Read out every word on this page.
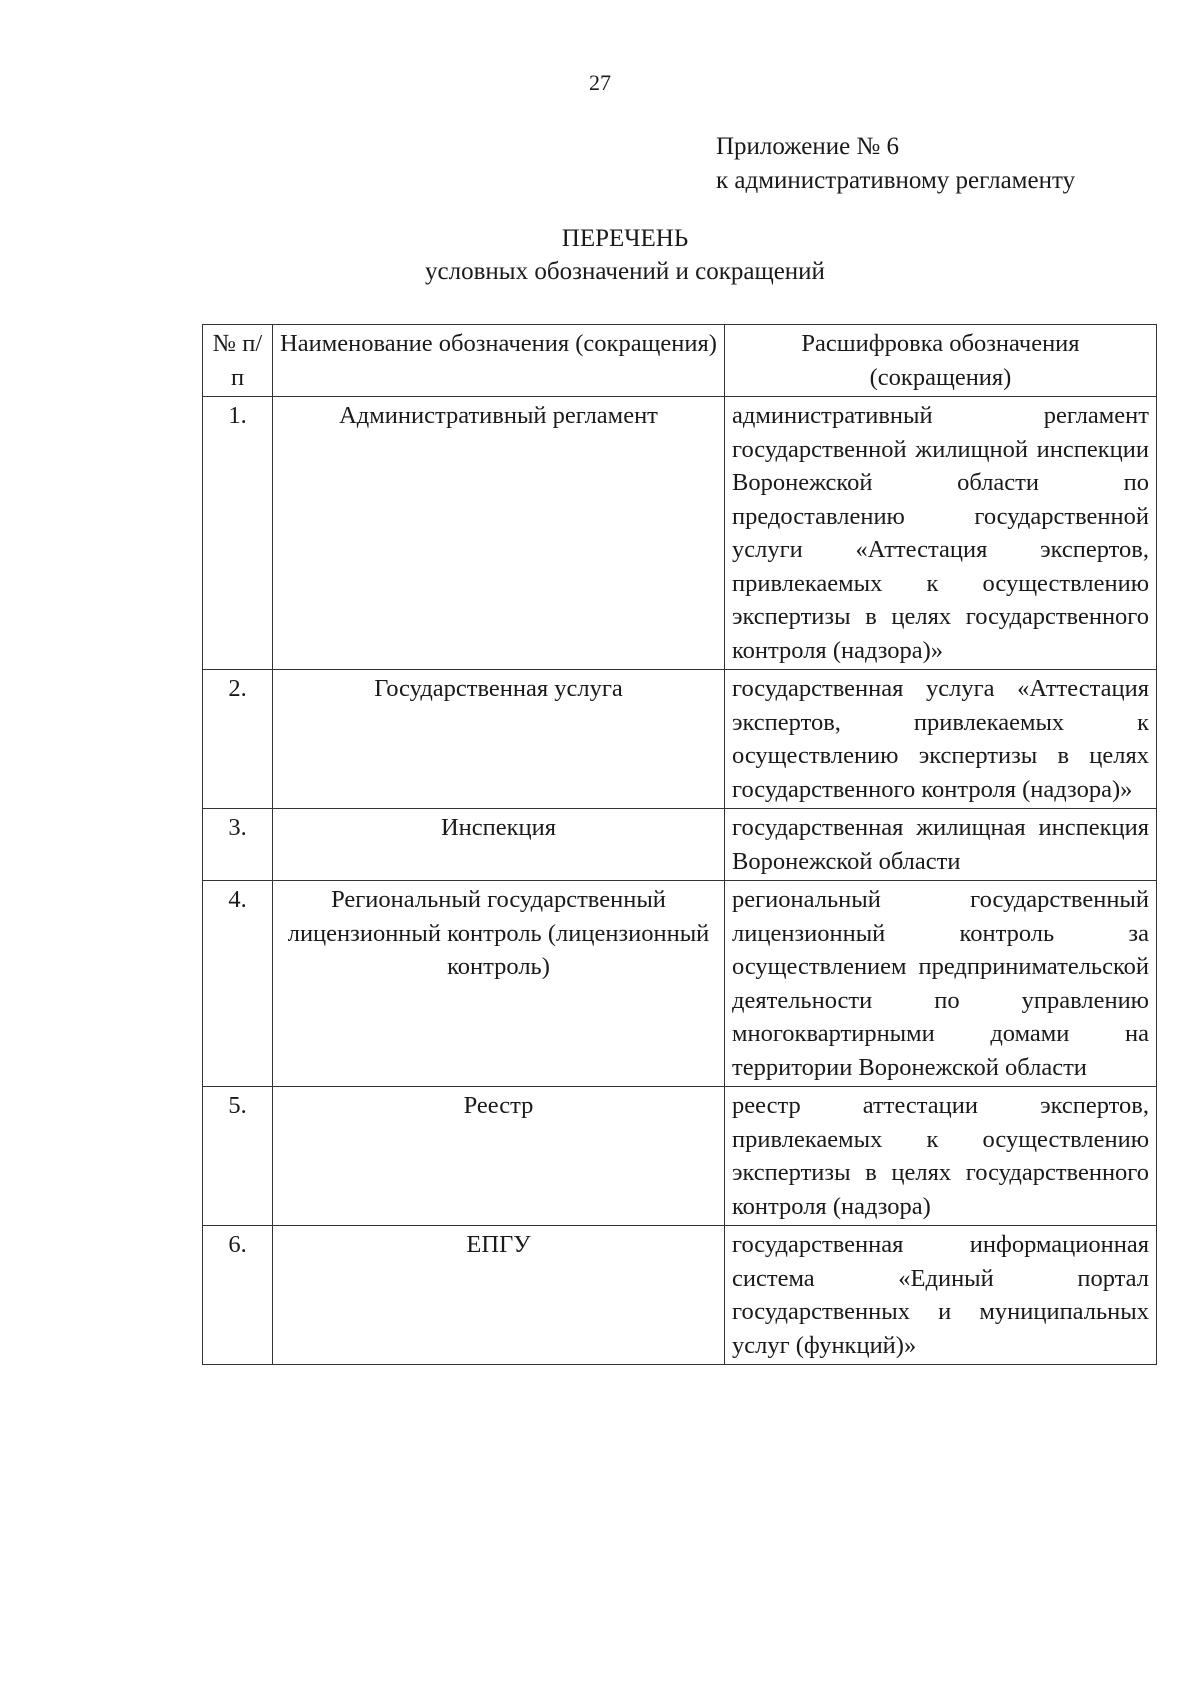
27
Приложение № 6
к административному регламенту
ПЕРЕЧЕНЬ
условных обозначений и сокращений
№ п/п	Наименование обозначения (сокращения)	Расшифровка обозначения (сокращения)
1.	Административный регламент	административный регламент государственной жилищной инспекции Воронежской области по предоставлению государственной услуги «Аттестация экспертов, привлекаемых к осуществлению экспертизы в целях государственного контроля (надзора)»
2.	Государственная услуга	государственная услуга «Аттестация экспертов, привлекаемых к осуществлению экспертизы в целях государственного контроля (надзора)»
3.	Инспекция	государственная жилищная инспекция Воронежской области
4.	Региональный государственный лицензионный контроль (лицензионный контроль)	региональный государственный лицензионный контроль за осуществлением предпринимательской деятельности по управлению многоквартирными домами на территории Воронежской области
5.	Реестр	реестр аттестации экспертов, привлекаемых к осуществлению экспертизы в целях государственного контроля (надзора)
6.	ЕПГУ	государственная информационная система «Единый портал государственных и муниципальных услуг (функций)»
